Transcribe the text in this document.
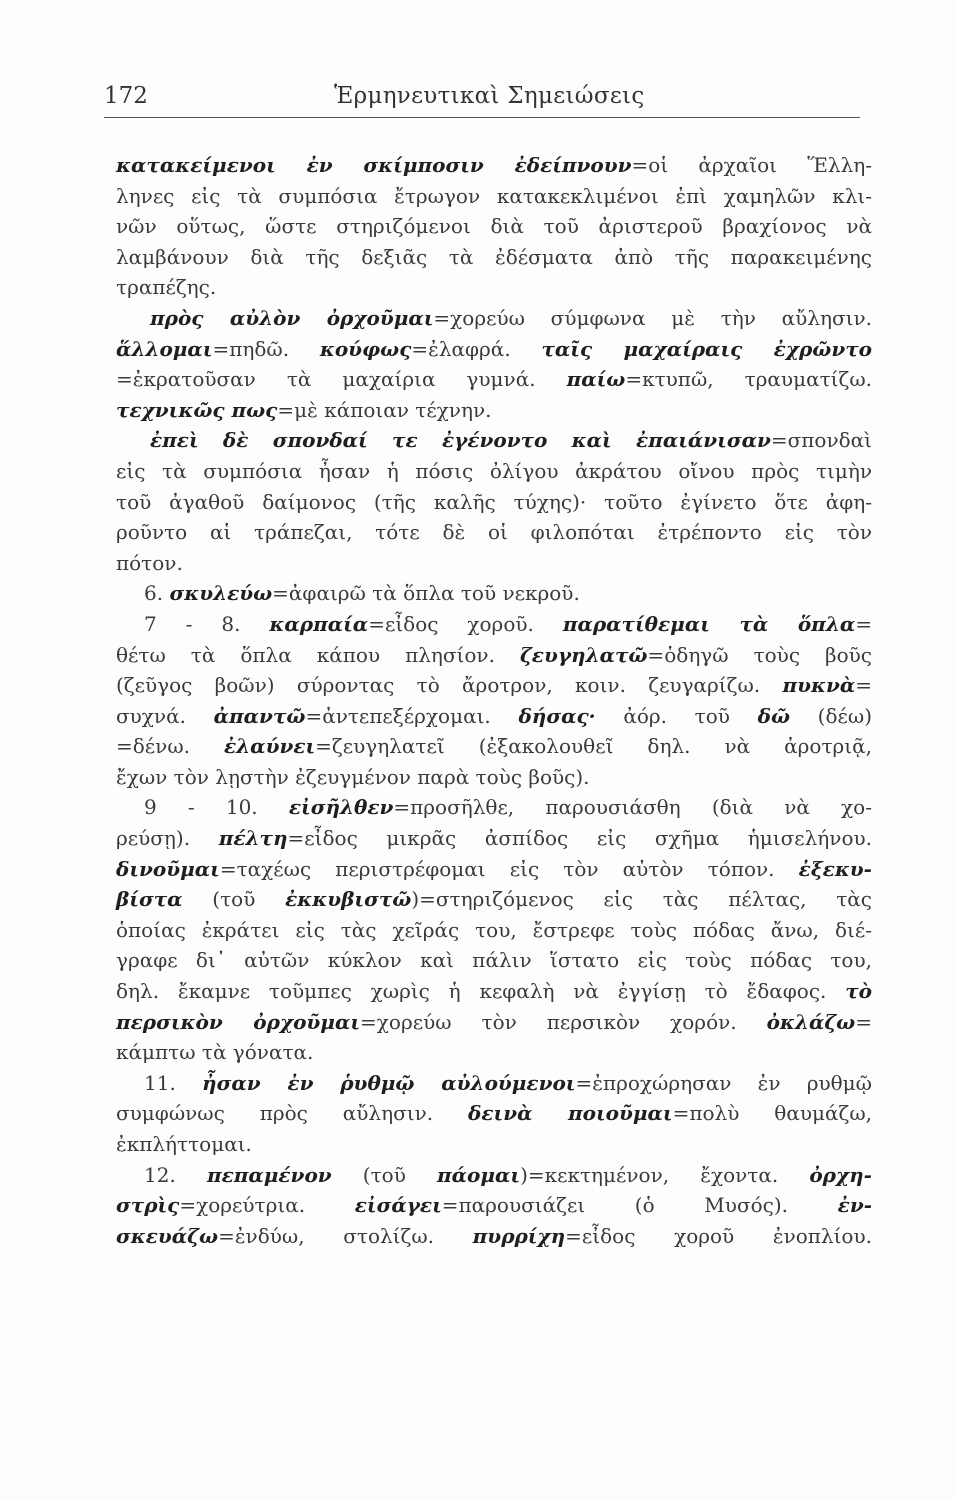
172	Ἑρμηνευτικαὶ Σημειώσεις
κατακείμενοι ἐν σκίμποσιν ἐδείπνουν=οἱ ἀρχαῖοι Ἕλλη-
ληνες εἰς τὰ συμπόσια ἔτρωγον κατακεκλιμένοι ἐπὶ χαμηλῶν κλι-
νῶν οὕτως, ὥστε στηριζόμενοι διὰ τοῦ ἀριστεροῦ βραχίονος νὰ
λαμβάνουν διὰ τῆς δεξιᾶς τὰ ἐδέσματα ἀπὸ τῆς παρακειμένης
τραπέζης.
πρὸς αὐλὸν ὀρχοῦμαι=χορεύω σύμφωνα μὲ τὴν αὔλησιν.
ἅλλομαι=πηδῶ. κούφως=ἐλαφρά. ταῖς μαχαίραις ἐχρῶντο
=ἐκρατοῦσαν τὰ μαχαίρια γυμνά. παίω=κτυπῶ, τραυματίζω.
τεχνικῶς πως=μὲ κάποιαν τέχνην.
ἐπεὶ δὲ σπονδαί τε ἐγένοντο καὶ ἐπαιάνισαν=σπονδαὶ
εἰς τὰ συμπόσια ἦσαν ἡ πόσις ὀλίγου ἀκράτου οἴνου πρὸς τιμὴν
τοῦ ἀγαθοῦ δαίμονος (τῆς καλῆς τύχης)· τοῦτο ἐγίνετο ὅτε ἀφη-
ροῦντο αἱ τράπεζαι, τότε δὲ οἱ φιλοπόται ἐτρέποντο εἰς τὸν
πότον.
6. σκυλεύω=ἀφαιρῶ τὰ ὅπλα τοῦ νεκροῦ.
7 - 8. καρπαία=εἶδος χοροῦ. παρατίθεμαι τὰ ὅπλα=
θέτω τὰ ὅπλα κάπου πλησίον. ζευγηλατῶ=ὁδηγῶ τοὺς βοῦς
(ζεῦγος βοῶν) σύροντας τὸ ἄροτρον, κοιν. ζευγαρίζω. πυκνὰ=
συχνά. ἀπαντῶ=ἀντεπεξέρχομαι. δήσας· ἀόρ. τοῦ δῶ (δέω)
=δένω. ἐλαύνει=ζευγηλατεῖ (ἐξακολουθεῖ δηλ. νὰ ἀροτριᾷ,
ἔχων τὸν λῃστὴν ἐζευγμένον παρὰ τοὺς βοῦς).
9 - 10. εἰσῆλθεν=προσῆλθε, παρουσιάσθη (διὰ νὰ χο-
ρεύσῃ). πέλτη=εἶδος μικρᾶς ἀσπίδος εἰς σχῆμα ἡμισελήνου.
δινοῦμαι=ταχέως περιστρέφομαι εἰς τὸν αὐτὸν τόπον. ἐξεκυ-
βίστα (τοῦ ἐκκυβιστῶ)=στηριζόμενος εἰς τὰς πέλτας, τὰς
ὁποίας ἐκράτει εἰς τὰς χεῖράς του, ἔστρεφε τοὺς πόδας ἄνω, διέ-
γραφε δι᾽ αὐτῶν κύκλον καὶ πάλιν ἵστατο εἰς τοὺς πόδας του,
δηλ. ἔκαμνε τοῦμπες χωρὶς ἡ κεφαλὴ νὰ ἐγγίσῃ τὸ ἔδαφος. τὸ
περσικὸν ὀρχοῦμαι=χορεύω τὸν περσικὸν χορόν. ὀκλάζω=
κάμπτω τὰ γόνατα.
11. ἦσαν ἐν ῥυθμῷ αὐλούμενοι=ἐπροχώρησαν ἐν ρυθμῷ
συμφώνως πρὸς αὔλησιν. δεινὰ ποιοῦμαι=πολὺ θαυμάζω,
ἐκπλήττομαι.
12. πεπαμένον (τοῦ πάομαι)=κεκτημένον, ἔχοντα. ὀρχη-
στρὶς=χορεύτρια. εἰσάγει=παρουσιάζει (ὁ Μυσός). ἐν-
σκευάζω=ἐνδύω, στολίζω. πυρρίχη=εἶδος χοροῦ ἐνοπλίου.
